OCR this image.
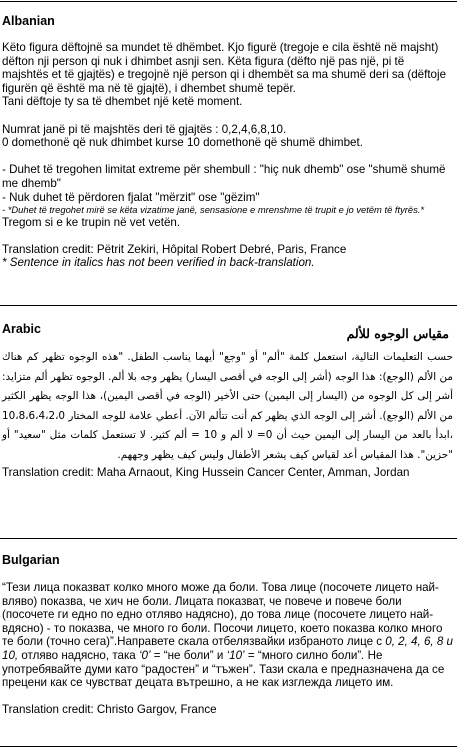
Albanian

Këto figura dëftojnë sa mundet të dhëmbet. Kjo figurë (tregoje e cila është në majsht) dëfton nji person qi nuk i dhimbet asnji sen. Këta figura (dëfto një pas një, pi të majshtës et të gjajtës) e tregojnë një person qi i dhembët sa ma shumë deri sa (dëftoje figurën që është ma në të gjajtë), i dhembet shumë tepër.

Tani dëftoje ty sa të dhembet një ketë moment.

Numrat janë pi të majshtës deri të gjajtës : 0,2,4,6,8,10.

0 domethonë që nuk dhimbet kurse 10 domethonë që shumë dhimbet.

- Duhet të tregohen limitat extreme për shembull : "hiç nuk dhemb" ose "shumë shumë me dhemb"

- Nuk duhet të përdoren fjalat "mërzit" ose "gëzim"

- *Duhet të tregohet mirë se këta vizatime janë, sensasione e mrenshme të trupit e jo vetëm të ftyrës.*

Tregom si e ke trupin në vet vetën.

Translation credit: Pëtrit Zekiri, Hôpital Robert Debré, Paris, France

* Sentence in italics has not been verified in back-translation.

Arabic	مقياس الوجوه للألم

حسب التعليمات التالية، استعمل كلمة "ألم" أو "وجع" أيهما يناسب الطفل. "هذه الوجوه تظهر كم هناك من الألم (الوجع): هذا الوجه (أشر إلى الوجه في أقصى اليسار) يظهر وجه بلا ألم. الوجوه تظهر ألم متزايد: أشر إلى كل الوجوه من (اليسار إلى اليمين) حتى الأخير (الوجه في أقصى اليمين)، هذا الوجه يظهر الكثير من الألم (الوجع). أشر إلى الوجه الذي يظهر كم أنت تتألم الآن. أعطي علامة للوجه المختار 10،8،6،4،2،0 ،ابدأ بالعد من اليسار إلى اليمين حيث أن 0= لا ألم و 10 = ألم كثير. لا تستعمل كلمات مثل "سعيد" أو "حزين". هذا المقياس أعد لقياس كيف يشعر الأطفال وليس كيف يظهر وجههم.

Translation credit: Maha Arnaout, King Hussein Cancer Center, Amman, Jordan

Bulgarian

“Тези лица показват колко много може да боли. Това лице (посочете лицето най-вляво) показва, че хич не боли. Лицата показват, че повече и повече боли (посочете ги едно по едно отляво надясно), до това лице (посочете лицето най-вдясно) - то показва, че много го боли. Посочи лицето, което показва колко много те боли (точно сега)”.Направете скала отбелязвайки избраното лице с 0, 2, 4, 6, 8 и 10, отляво надясно, така ‘0’ = “не боли” и ‘10’ = “много силно боли”. Не употребявайте думи като “радостен” и “тъжен”. Тази скала е предназначена да се прецени как се чувстват децата вътрешно, а не как изглежда лицето им.

Translation credit: Christo Gargov, France
